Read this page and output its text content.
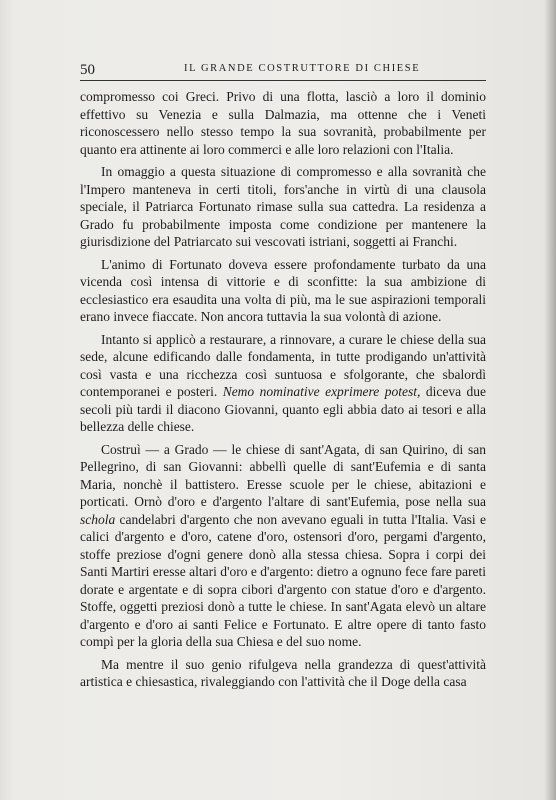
50	IL GRANDE COSTRUTTORE DI CHIESE

compromesso coi Greci. Privo di una flotta, lasciò a loro il dominio effettivo su Venezia e sulla Dalmazia, ma ottenne che i Veneti riconoscessero nello stesso tempo la sua sovranità, probabilmente per quanto era attinente ai loro commerci e alle loro relazioni con l'Italia.

In omaggio a questa situazione di compromesso e alla sovranità che l'Impero manteneva in certi titoli, fors'anche in virtù di una clausola speciale, il Patriarca Fortunato rimase sulla sua cattedra. La residenza a Grado fu probabilmente imposta come condizione per mantenere la giurisdizione del Patriarcato sui vescovati istriani, soggetti ai Franchi.

L'animo di Fortunato doveva essere profondamente turbato da una vicenda così intensa di vittorie e di sconfitte: la sua ambizione di ecclesiastico era esaudita una volta di più, ma le sue aspirazioni temporali erano invece fiaccate. Non ancora tuttavia la sua volontà di azione.

Intanto si applicò a restaurare, a rinnovare, a curare le chiese della sua sede, alcune edificando dalle fondamenta, in tutte prodigando un'attività così vasta e una ricchezza così suntuosa e sfolgorante, che sbalordì contemporanei e posteri. Nemo nominative exprimere potest, diceva due secoli più tardi il diacono Giovanni, quanto egli abbia dato ai tesori e alla bellezza delle chiese.

Costruì — a Grado — le chiese di sant'Agata, di san Quirino, di san Pellegrino, di san Giovanni: abbellì quelle di sant'Eufemia e di santa Maria, nonchè il battistero. Eresse scuole per le chiese, abitazioni e porticati. Ornò d'oro e d'argento l'altare di sant'Eufemia, pose nella sua schola candelabri d'argento che non avevano eguali in tutta l'Italia. Vasi e calici d'argento e d'oro, catene d'oro, ostensori d'oro, pergami d'argento, stoffe preziose d'ogni genere donò alla stessa chiesa. Sopra i corpi dei Santi Martiri eresse altari d'oro e d'argento: dietro a ognuno fece fare pareti dorate e argentate e di sopra cibori d'argento con statue d'oro e d'argento. Stoffe, oggetti preziosi donò a tutte le chiese. In sant'Agata elevò un altare d'argento e d'oro ai santi Felice e Fortunato. E altre opere di tanto fasto compì per la gloria della sua Chiesa e del suo nome.

Ma mentre il suo genio rifulgeva nella grandezza di quest'attività artistica e chiesastica, rivaleggiando con l'attività che il Doge della casa
